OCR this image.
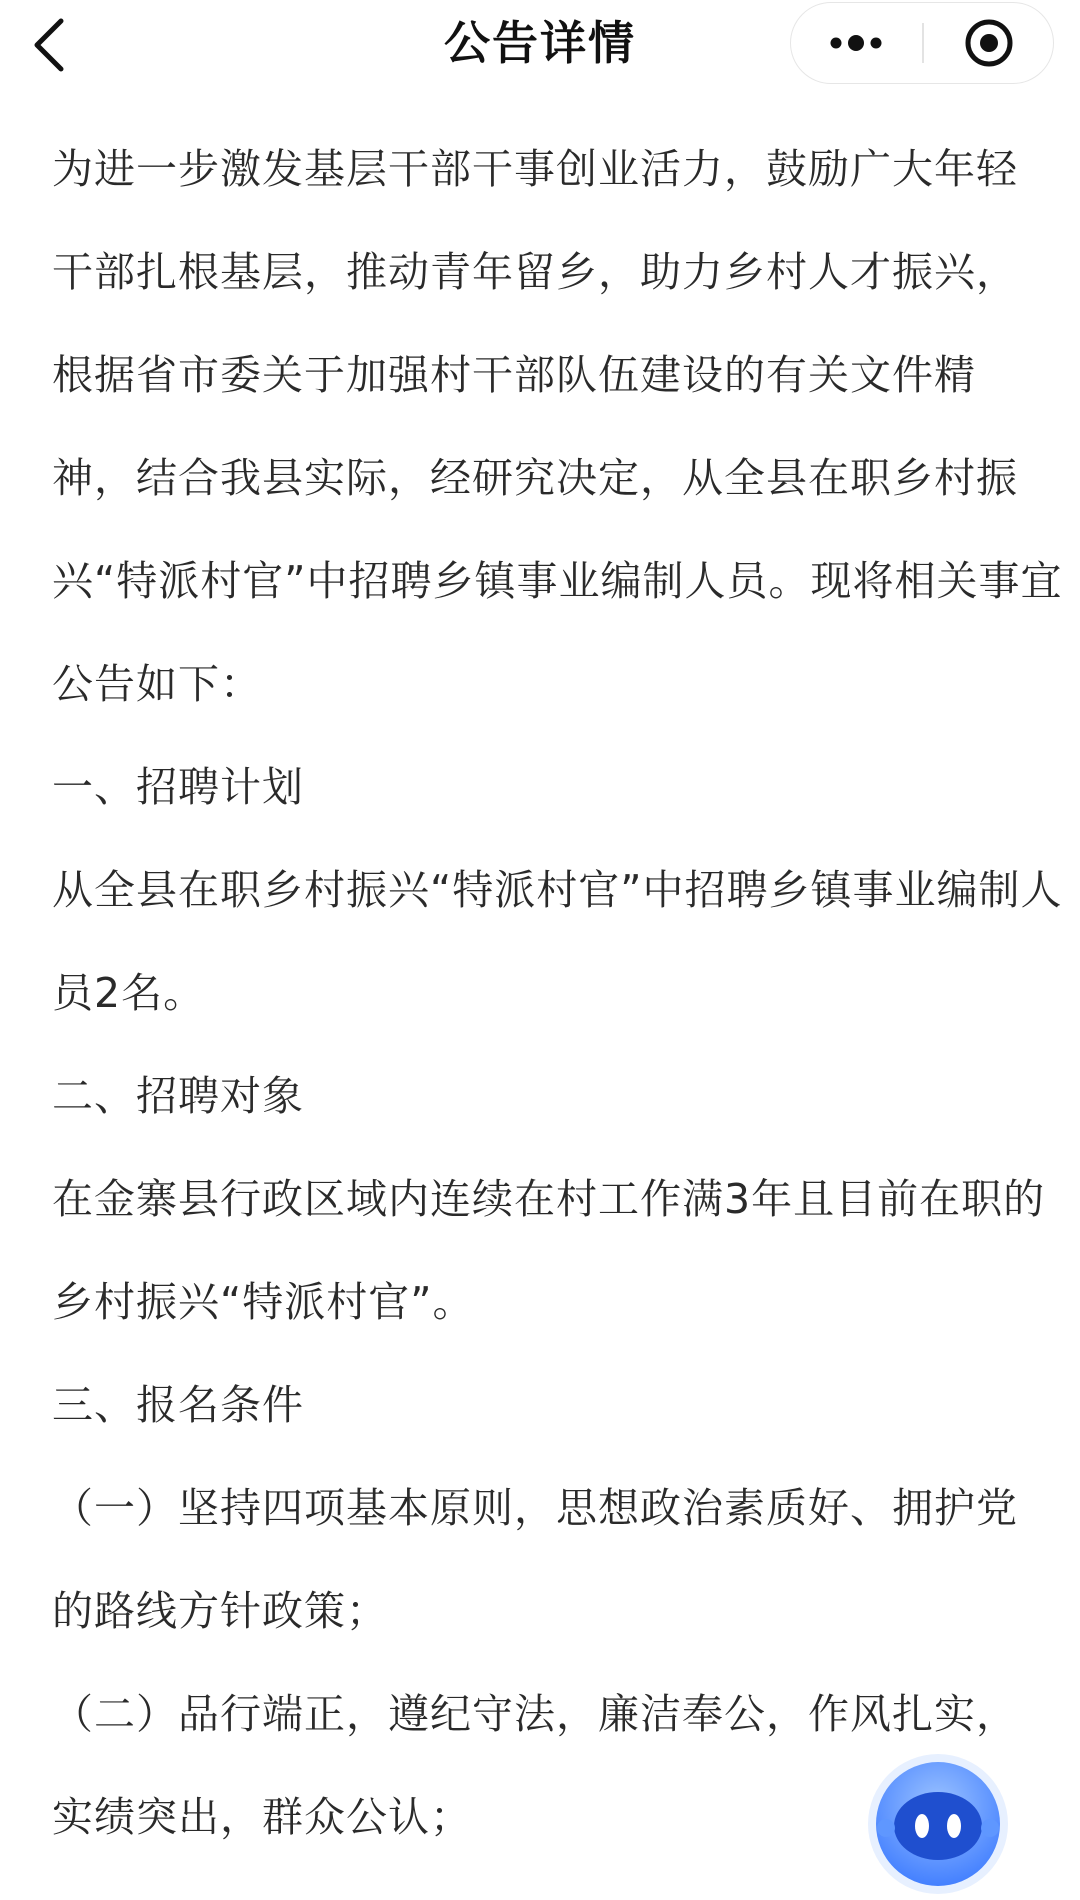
公告详情
为进一步激发基层干部干事创业活力，鼓励广大年轻
干部扎根基层，推动青年留乡，助力乡村人才振兴，
根据省市委关于加强村干部队伍建设的有关文件精
神，结合我县实际，经研究决定，从全县在职乡村振
兴“特派村官”中招聘乡镇事业编制人员。现将相关事宜
公告如下：
一、招聘计划
从全县在职乡村振兴“特派村官”中招聘乡镇事业编制人
员2名。
二、招聘对象
在金寨县行政区域内连续在村工作满3年且目前在职的
乡村振兴“特派村官”。
三、报名条件
（一）坚持四项基本原则，思想政治素质好、拥护党
的路线方针政策；
（二）品行端正，遵纪守法，廉洁奉公，作风扎实，
实绩突出，群众公认；
